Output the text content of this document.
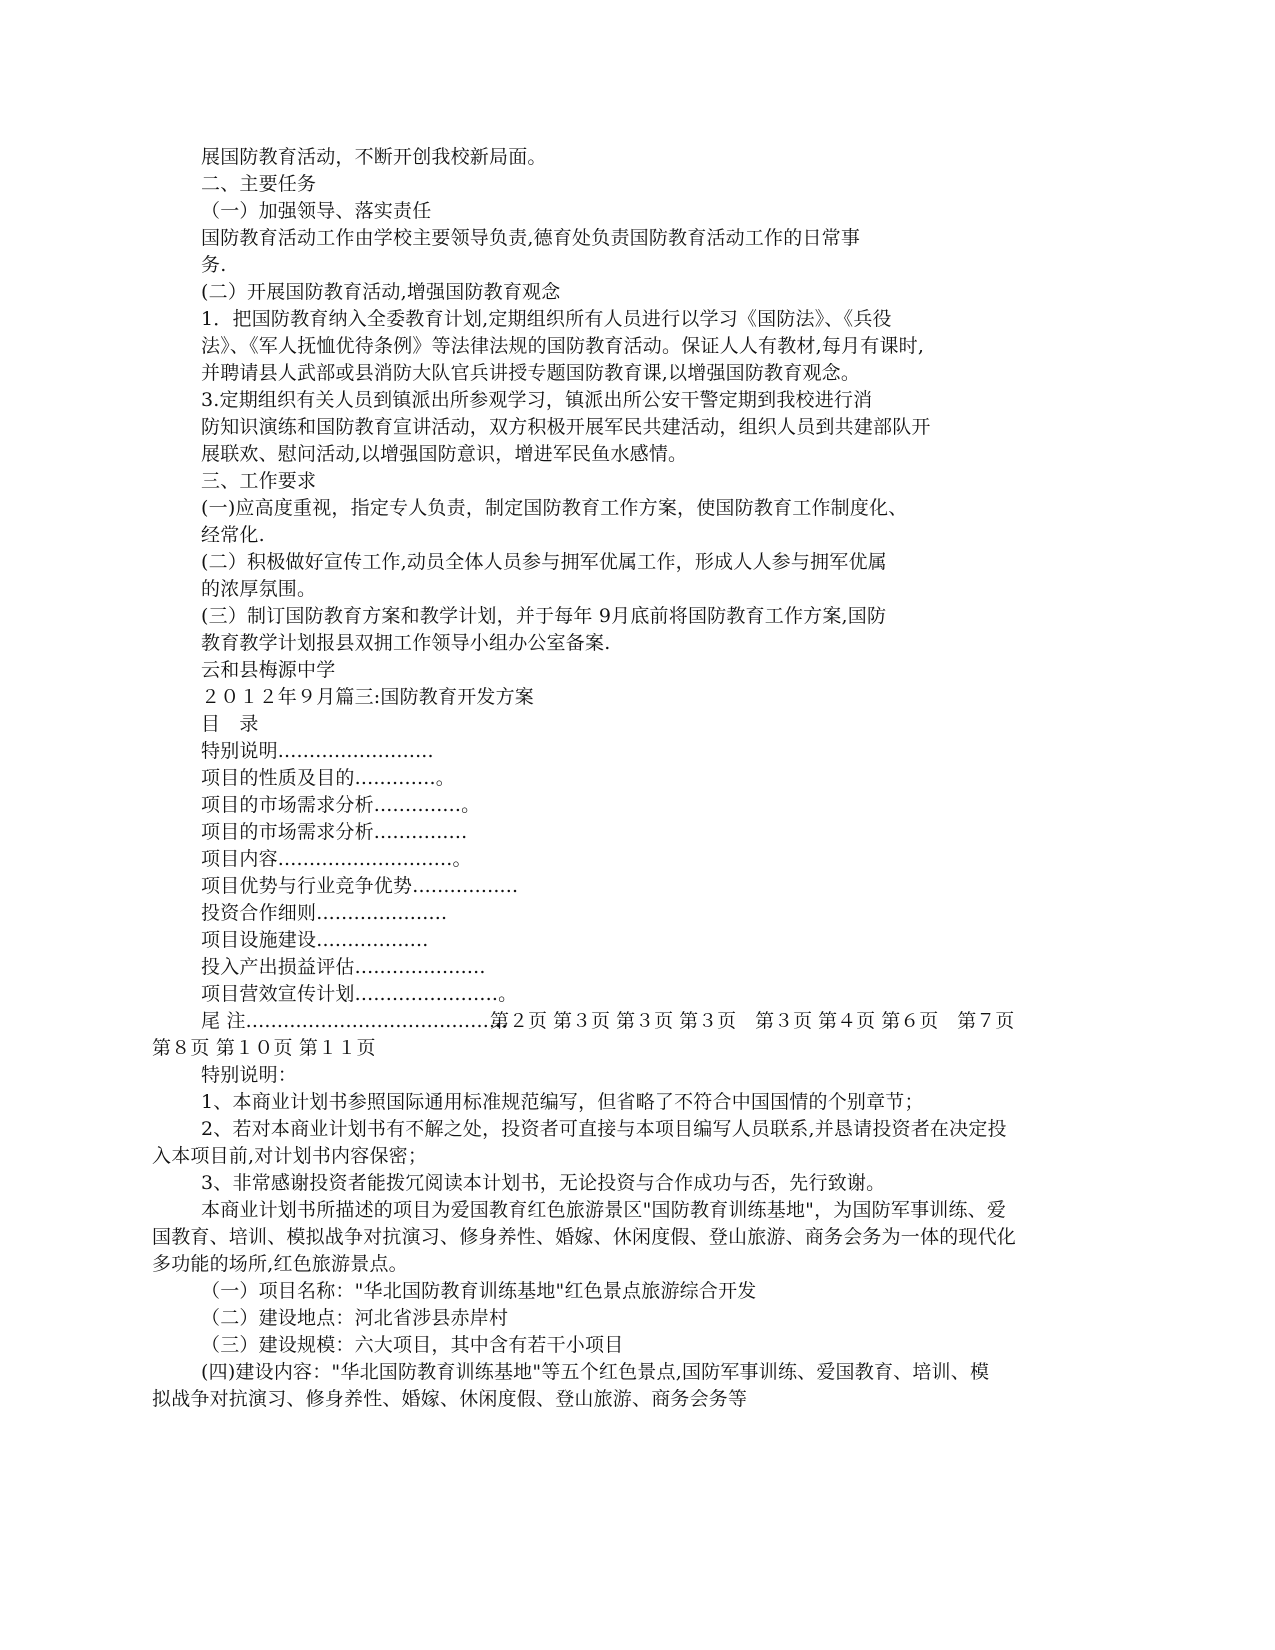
展国防教育活动，不断开创我校新局面。
二、主要任务
（一）加强领导、落实责任
国防教育活动工作由学校主要领导负责,德育处负责国防教育活动工作的日常事
务.
(二）开展国防教育活动,增强国防教育观念
1．把国防教育纳入全委教育计划,定期组织所有人员进行以学习《国防法》、《兵役
法》、《军人抚恤优待条例》等法律法规的国防教育活动。保证人人有教材,每月有课时,
并聘请县人武部或县消防大队官兵讲授专题国防教育课,以增强国防教育观念。
3.定期组织有关人员到镇派出所参观学习，镇派出所公安干警定期到我校进行消
防知识演练和国防教育宣讲活动，双方积极开展军民共建活动，组织人员到共建部队开
展联欢、慰问活动,以增强国防意识，增进军民鱼水感情。
三、工作要求
(一)应高度重视，指定专人负责，制定国防教育工作方案，使国防教育工作制度化、
经常化.
(二）积极做好宣传工作,动员全体人员参与拥军优属工作，形成人人参与拥军优属
的浓厚氛围。
(三）制订国防教育方案和教学计划，并于每年 9月底前将国防教育工作方案,国防
教育教学计划报县双拥工作领导小组办公室备案.
云和县梅源中学
２０１２年９月篇三:国防教育开发方案
目　录
特别说明.........................
项目的性质及目的.............。
项目的市场需求分析..............。
项目的市场需求分析...............
项目内容............................。
项目优势与行业竞争优势.................
投资合作细则.....................
项目设施建设..................
投入产出损益评估.....................
项目营效宣传计划.......................。
尾 注..........................................
第２页 第３页 第３页 第３页　第３页 第４页 第６页　第７页
第８页 第１０页 第１１页
特别说明：
1、本商业计划书参照国际通用标准规范编写，但省略了不符合中国国情的个别章节；
2、若对本商业计划书有不解之处，投资者可直接与本项目编写人员联系,并恳请投资者在决定投
入本项目前,对计划书内容保密；
3、非常感谢投资者能拨冗阅读本计划书，无论投资与合作成功与否，先行致谢。
本商业计划书所描述的项目为爱国教育红色旅游景区"国防教育训练基地"，为国防军事训练、爱
国教育、培训、模拟战争对抗演习、修身养性、婚嫁、休闲度假、登山旅游、商务会务为一体的现代化
多功能的场所,红色旅游景点。
（一）项目名称："华北国防教育训练基地"红色景点旅游综合开发
（二）建设地点：河北省涉县赤岸村
（三）建设规模：六大项目，其中含有若干小项目
(四)建设内容："华北国防教育训练基地"等五个红色景点,国防军事训练、爱国教育、培训、模
拟战争对抗演习、修身养性、婚嫁、休闲度假、登山旅游、商务会务等
